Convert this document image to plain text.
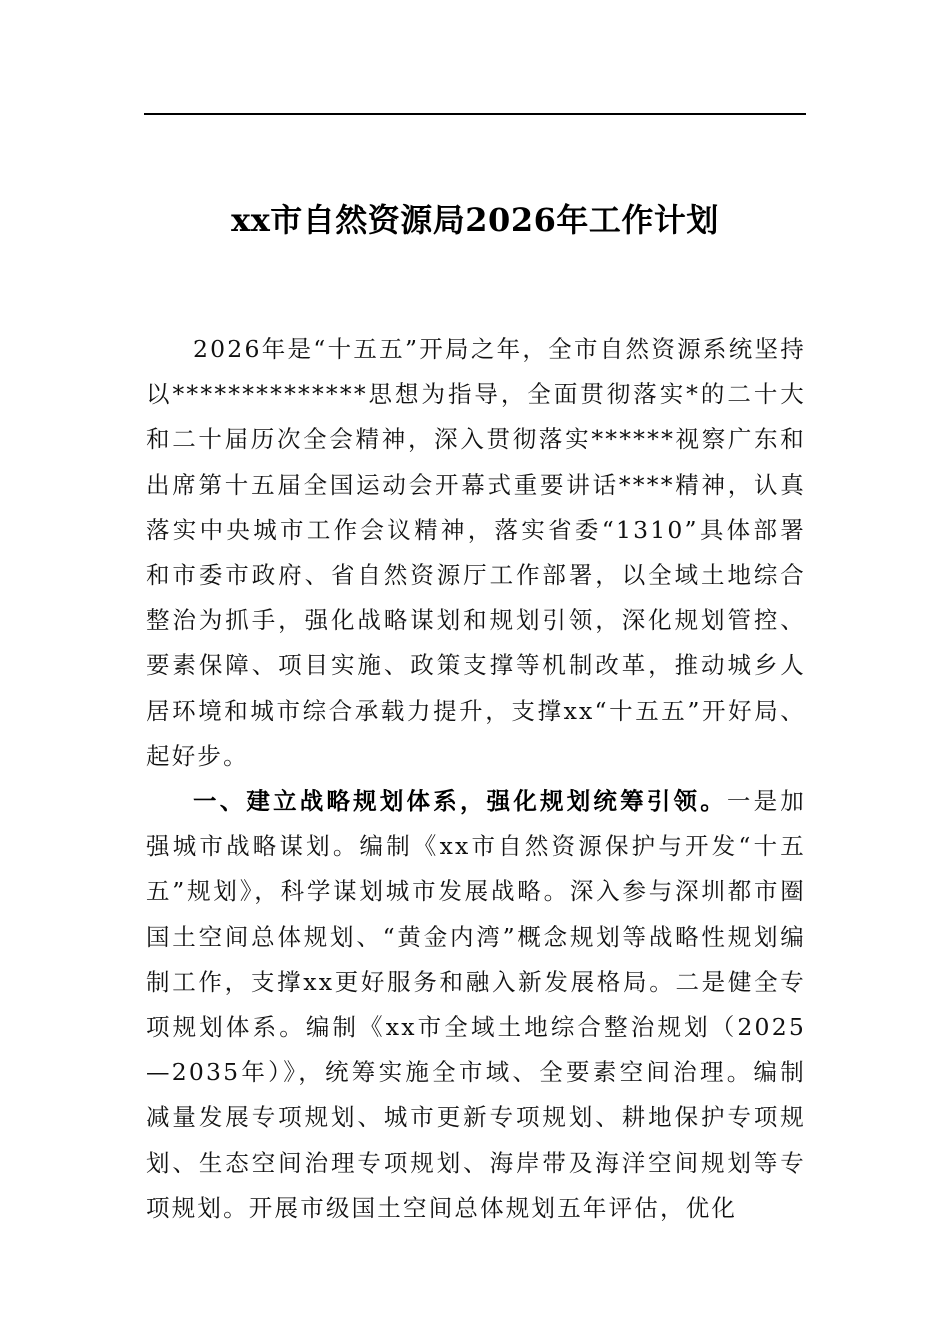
xx市自然资源局2026年工作计划

2026年是“十五五”开局之年，全市自然资源系统坚持以**************思想为指导，全面贯彻落实*的二十大和二十届历次全会精神，深入贯彻落实******视察广东和出席第十五届全国运动会开幕式重要讲话****精神，认真落实中央城市工作会议精神，落实省委“1310”具体部署和市委市政府、省自然资源厅工作部署，以全域土地综合整治为抓手，强化战略谋划和规划引领，深化规划管控、要素保障、项目实施、政策支撑等机制改革，推动城乡人居环境和城市综合承载力提升，支撑xx“十五五”开好局、起好步。

一、建立战略规划体系，强化规划统筹引领。一是加强城市战略谋划。编制《xx市自然资源保护与开发“十五五”规划》，科学谋划城市发展战略。深入参与深圳都市圈国土空间总体规划、“黄金内湾”概念规划等战略性规划编制工作，支撑xx更好服务和融入新发展格局。二是健全专项规划体系。编制《xx市全域土地综合整治规划（2025—2035年）》，统筹实施全市域、全要素空间治理。编制减量发展专项规划、城市更新专项规划、耕地保护专项规划、生态空间治理专项规划、海岸带及海洋空间规划等专项规划。开展市级国土空间总体规划五年评估，优化
